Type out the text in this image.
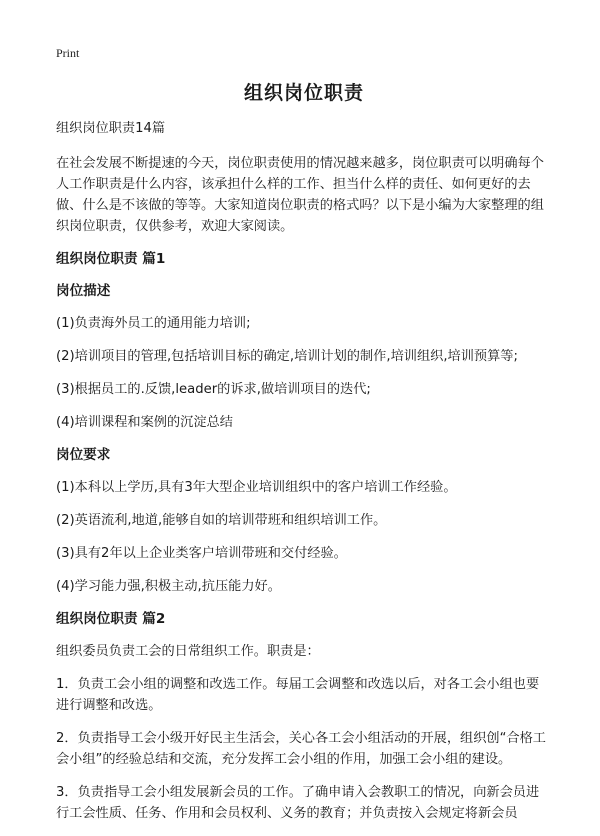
Print
组织岗位职责

组织岗位职责14篇

在社会发展不断提速的今天，岗位职责使用的情况越来越多，岗位职责可以明确每个人工作职责是什么内容，该承担什么样的工作、担当什么样的责任、如何更好的去做、什么是不该做的等等。大家知道岗位职责的格式吗？以下是小编为大家整理的组织岗位职责，仅供参考，欢迎大家阅读。

组织岗位职责 篇1
岗位描述

(1)负责海外员工的通用能力培训;

(2)培训项目的管理,包括培训目标的确定,培训计划的制作,培训组织,培训预算等;

(3)根据员工的.反馈,leader的诉求,做培训项目的迭代;

(4)培训课程和案例的沉淀总结

岗位要求

(1)本科以上学历,具有3年大型企业培训组织中的客户培训工作经验。

(2)英语流利,地道,能够自如的培训带班和组织培训工作。

(3)具有2年以上企业类客户培训带班和交付经验。

(4)学习能力强,积极主动,抗压能力好。

组织岗位职责 篇2

组织委员负责工会的日常组织工作。职责是：

1．负责工会小组的调整和改选工作。每届工会调整和改选以后，对各工会小组也要进行调整和改选。

2．负责指导工会小级开好民主生活会，关心各工会小组活动的开展，组织创“合格工会小组”的经验总结和交流，充分发挥工会小组的作用，加强工会小组的建设。

3．负责指导工会小组发展新会员的工作。了确申请入会教职工的情况，向新会员进行工会性质、任务、作用和会员权利、义务的教育；并负责按入会规定将新会员
